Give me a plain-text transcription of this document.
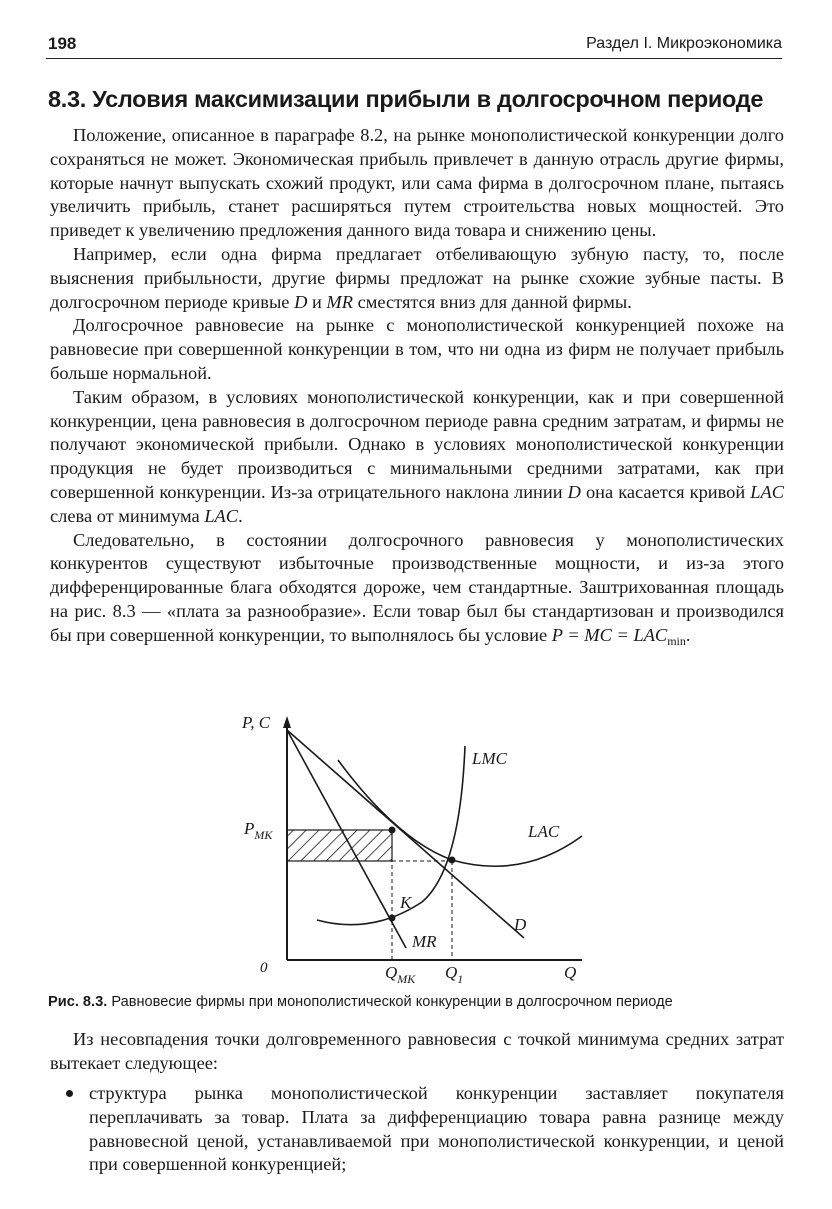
198	Раздел I. Микроэкономика
8.3. Условия максимизации прибыли в долгосрочном периоде

Положение, описанное в параграфе 8.2, на рынке монополистической конкуренции долго сохраняться не может. Экономическая прибыль привлечет в данную отрасль другие фирмы, которые начнут выпускать схожий продукт, или сама фирма в долгосрочном плане, пытаясь увеличить прибыль, станет расширяться путем строительства новых мощностей. Это приведет к увеличению предложения данного вида товара и снижению цены.

Например, если одна фирма предлагает отбеливающую зубную пасту, то, после выяснения прибыльности, другие фирмы предложат на рынке схожие зубные пасты. В долгосрочном периоде кривые D и MR сместятся вниз для данной фирмы.

Долгосрочное равновесие на рынке с монополистической конкуренцией похоже на равновесие при совершенной конкуренции в том, что ни одна из фирм не получает прибыль больше нормальной.

Таким образом, в условиях монополистической конкуренции, как и при совершенной конкуренции, цена равновесия в долгосрочном периоде равна средним затратам, и фирмы не получают экономической прибыли. Однако в условиях монополистической конкуренции продукция не будет производиться с минимальными средними затратами, как при совершенной конкуренции. Из-за отрицательного наклона линии D она касается кривой LAC слева от минимума LAC.

Следовательно, в состоянии долгосрочного равновесия у монополистических конкурентов существуют избыточные производственные мощности, и из-за этого дифференцированные блага обходятся дороже, чем стандартные. Заштрихованная площадь на рис. 8.3 — «плата за разнообразие». Если товар был бы стандартизован и производился бы при совершенной конкуренции, то выполнялось бы условие P = MC = $LAC_{min}$.

P, C
0
$P_{MK}$
$Q_{MK}$ $Q_1$	Q
LMC
LAC
D
MR
K

Рис. 8.3. Равновесие фирмы при монополистической конкуренции в долгосрочном периоде

Из несовпадения точки долговременного равновесия с точкой минимума средних затрат вытекает следующее:

структура рынка монополистической конкуренции заставляет покупателя переплачивать за товар. Плата за дифференциацию товара равна разнице между равновесной ценой, устанавливаемой при монополистической конкуренции, и ценой при совершенной конкуренцией;
